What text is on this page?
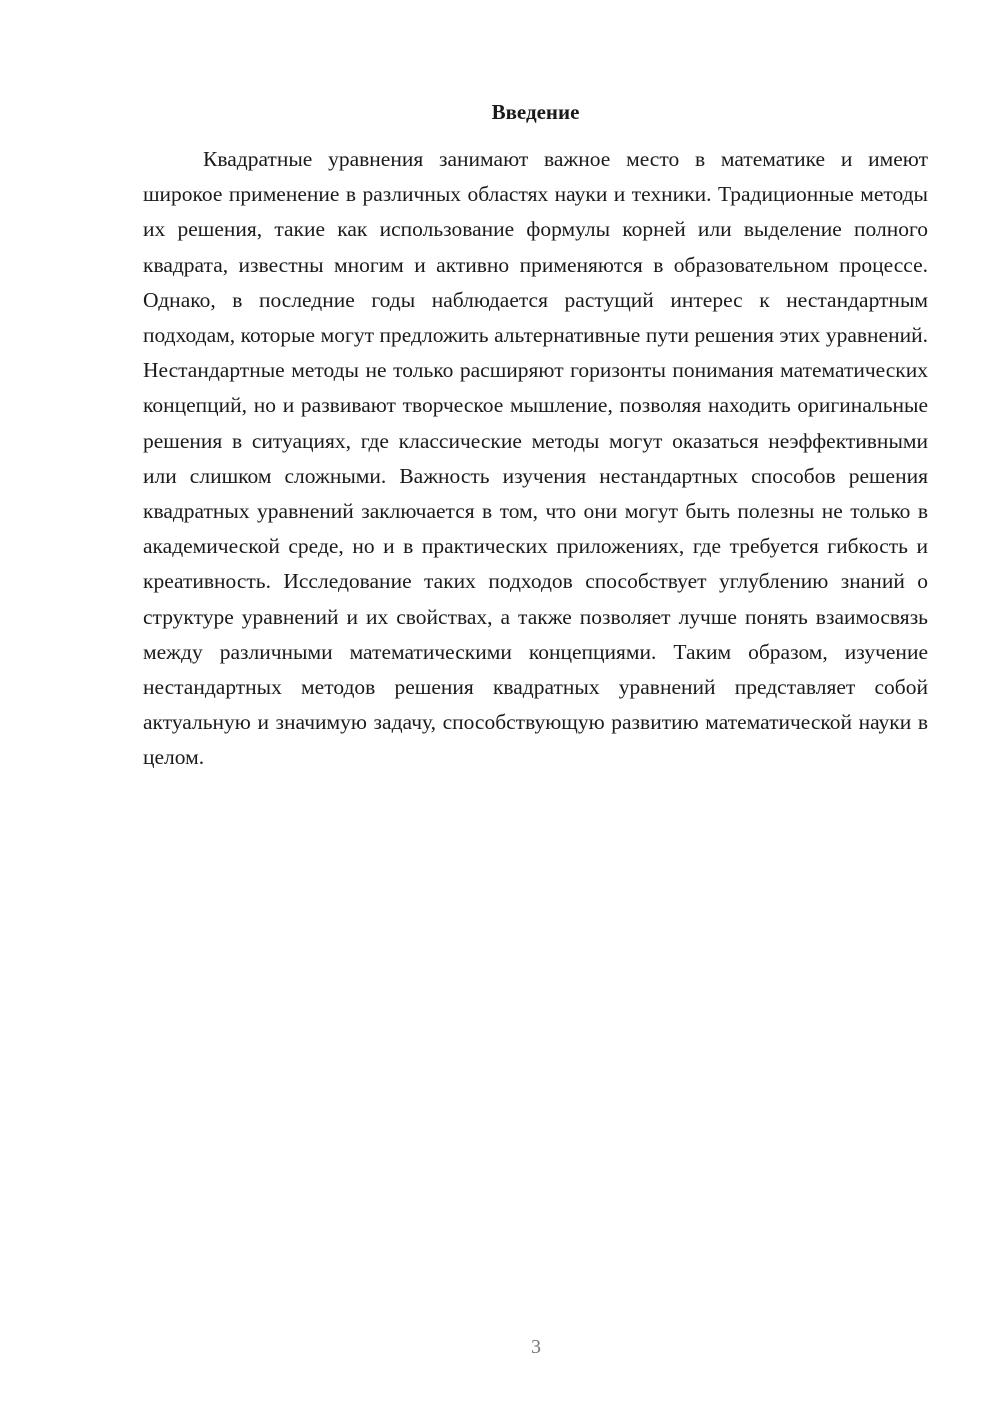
Введение

Квадратные уравнения занимают важное место в математике и имеют широкое применение в различных областях науки и техники. Традиционные методы их решения, такие как использование формулы корней или выделение полного квадрата, известны многим и активно применяются в образовательном процессе. Однако, в последние годы наблюдается растущий интерес к нестандартным подходам, которые могут предложить альтернативные пути решения этих уравнений. Нестандартные методы не только расширяют горизонты понимания математических концепций, но и развивают творческое мышление, позволяя находить оригинальные решения в ситуациях, где классические методы могут оказаться неэффективными или слишком сложными. Важность изучения нестандартных способов решения квадратных уравнений заключается в том, что они могут быть полезны не только в академической среде, но и в практических приложениях, где требуется гибкость и креативность. Исследование таких подходов способствует углублению знаний о структуре уравнений и их свойствах, а также позволяет лучше понять взаимосвязь между различными математическими концепциями. Таким образом, изучение нестандартных методов решения квадратных уравнений представляет собой актуальную и значимую задачу, способствующую развитию математической науки в целом.

3
